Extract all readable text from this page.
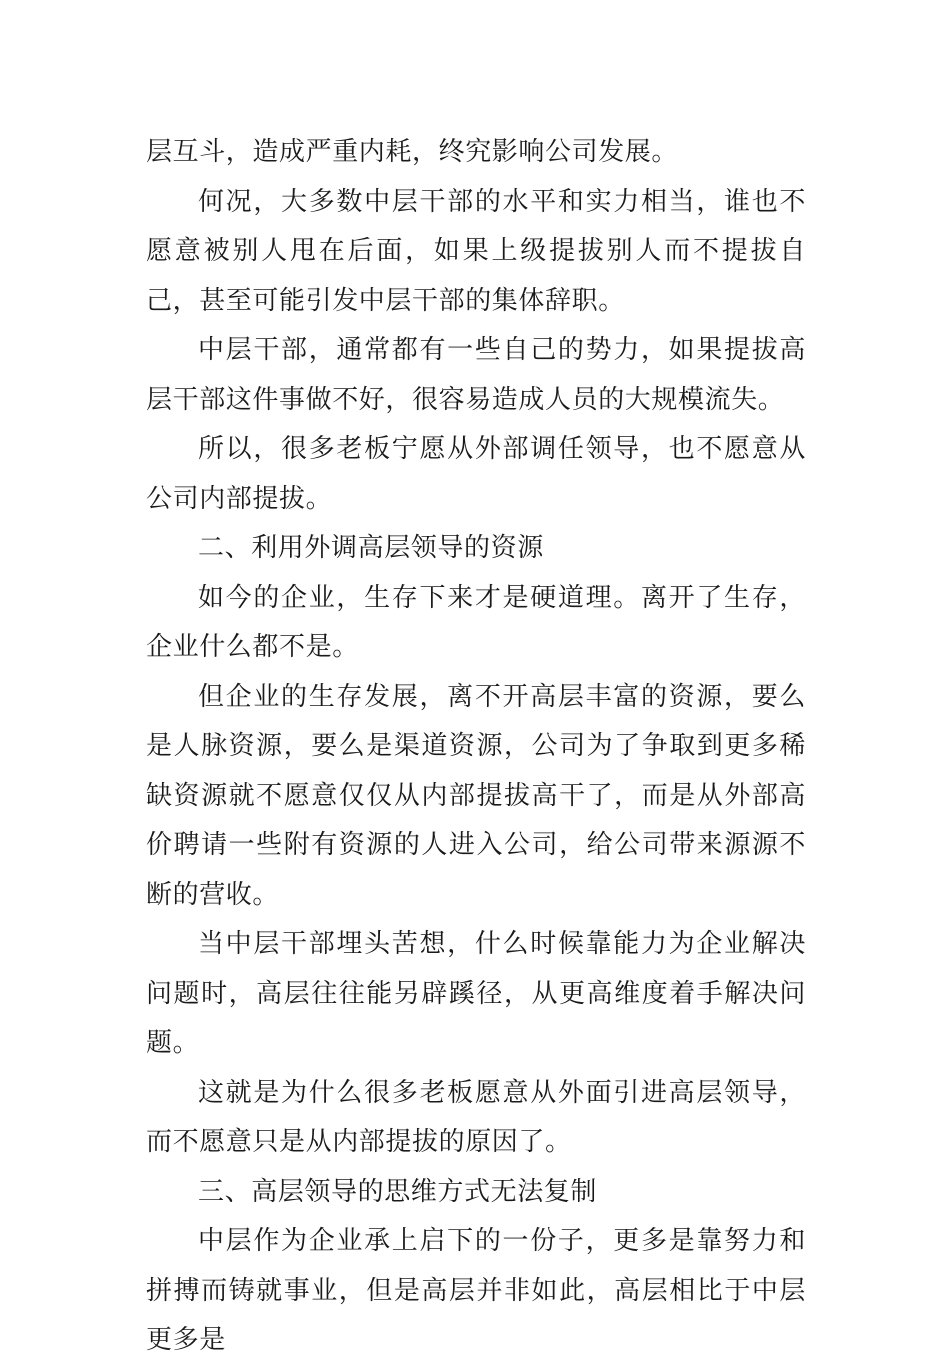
层互斗，造成严重内耗，终究影响公司发展。

何况，大多数中层干部的水平和实力相当，谁也不愿意被别人甩在后面，如果上级提拔别人而不提拔自己，甚至可能引发中层干部的集体辞职。

中层干部，通常都有一些自己的势力，如果提拔高层干部这件事做不好，很容易造成人员的大规模流失。

所以，很多老板宁愿从外部调任领导，也不愿意从公司内部提拔。

二、利用外调高层领导的资源

如今的企业，生存下来才是硬道理。离开了生存，企业什么都不是。

但企业的生存发展，离不开高层丰富的资源，要么是人脉资源，要么是渠道资源，公司为了争取到更多稀缺资源就不愿意仅仅从内部提拔高干了，而是从外部高价聘请一些附有资源的人进入公司，给公司带来源源不断的营收。

当中层干部埋头苦想，什么时候靠能力为企业解决问题时，高层往往能另辟蹊径，从更高维度着手解决问题。

这就是为什么很多老板愿意从外面引进高层领导，而不愿意只是从内部提拔的原因了。

三、高层领导的思维方式无法复制

中层作为企业承上启下的一份子，更多是靠努力和拼搏而铸就事业，但是高层并非如此，高层相比于中层更多是
